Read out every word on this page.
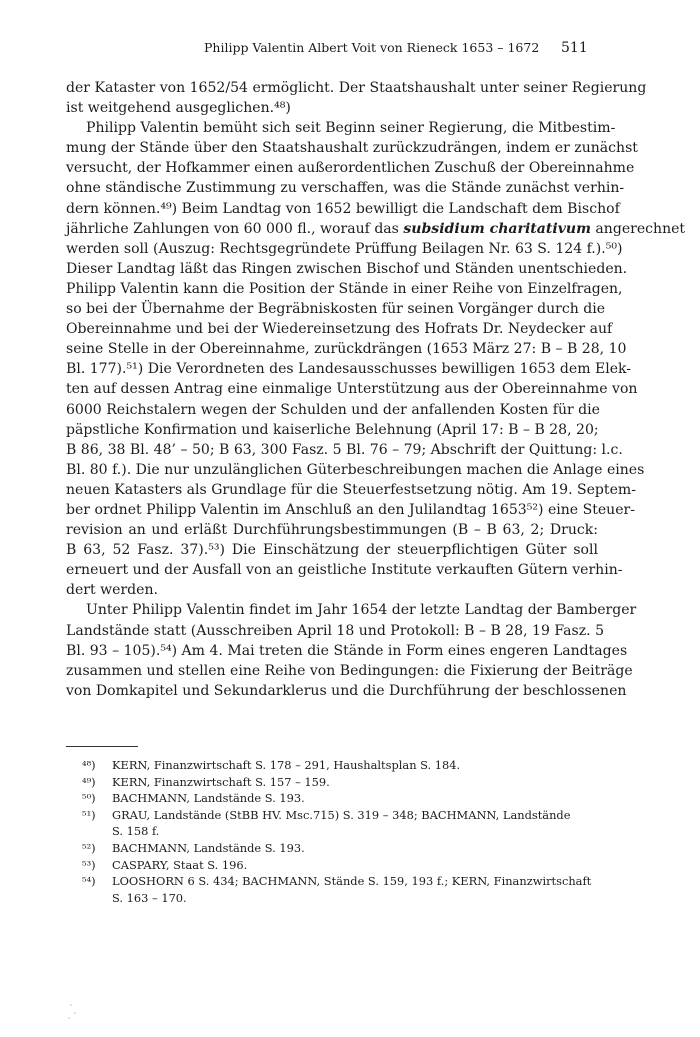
Philipp Valentin Albert Voit von Rieneck 1653 – 1672 511
der Kataster von 1652/54 ermöglicht. Der Staatshaushalt unter seiner Regierung
ist weitgehend ausgeglichen.⁴⁸)
Philipp Valentin bemüht sich seit Beginn seiner Regierung, die Mitbestim-
mung der Stände über den Staatshaushalt zurückzudrängen, indem er zunächst
versucht, der Hofkammer einen außerordentlichen Zuschuß der Obereinnahme
ohne ständische Zustimmung zu verschaffen, was die Stände zunächst verhin-
dern können.⁴⁹) Beim Landtag von 1652 bewilligt die Landschaft dem Bischof
jährliche Zahlungen von 60 000 fl., worauf das subsidium charitativum angerechnet
werden soll (Auszug: Rechtsgegründete Prüffung Beilagen Nr. 63 S. 124 f.).⁵⁰)
Dieser Landtag läßt das Ringen zwischen Bischof und Ständen unentschieden.
Philipp Valentin kann die Position der Stände in einer Reihe von Einzelfragen,
so bei der Übernahme der Begräbniskosten für seinen Vorgänger durch die
Obereinnahme und bei der Wiedereinsetzung des Hofrats Dr. Neydecker auf
seine Stelle in der Obereinnahme, zurückdrängen (1653 März 27: B – B 28, 10
Bl. 177).⁵¹) Die Verordneten des Landesausschusses bewilligen 1653 dem Elek-
ten auf dessen Antrag eine einmalige Unterstützung aus der Obereinnahme von
6000 Reichstalern wegen der Schulden und der anfallenden Kosten für die
päpstliche Konfirmation und kaiserliche Belehnung (April 17: B – B 28, 20;
B 86, 38 Bl. 48’ – 50; B 63, 300 Fasz. 5 Bl. 76 – 79; Abschrift der Quittung: l.c.
Bl. 80 f.). Die nur unzulänglichen Güterbeschreibungen machen die Anlage eines
neuen Katasters als Grundlage für die Steuerfestsetzung nötig. Am 19. Septem-
ber ordnet Philipp Valentin im Anschluß an den Julilandtag 1653⁵²) eine Steuer-
revision an und erläßt Durchführungsbestimmungen (B – B 63, 2; Druck:
B 63, 52 Fasz. 37).⁵³) Die Einschätzung der steuerpflichtigen Güter soll
erneuert und der Ausfall von an geistliche Institute verkauften Gütern verhin-
dert werden.
Unter Philipp Valentin findet im Jahr 1654 der letzte Landtag der Bamberger
Landstände statt (Ausschreiben April 18 und Protokoll: B – B 28, 19 Fasz. 5
Bl. 93 – 105).⁵⁴) Am 4. Mai treten die Stände in Form eines engeren Landtages
zusammen und stellen eine Reihe von Bedingungen: die Fixierung der Beiträge
von Domkapitel und Sekundarklerus und die Durchführung der beschlossenen
⁴⁸) KERN, Finanzwirtschaft S. 178 – 291, Haushaltsplan S. 184.
⁴⁹) KERN, Finanzwirtschaft S. 157 – 159.
⁵⁰) BACHMANN, Landstände S. 193.
⁵¹) GRAU, Landstände (StBB HV. Msc.715) S. 319 – 348; BACHMANN, Landstände
S. 158 f.
⁵²) BACHMANN, Landstände S. 193.
⁵³) CASPARY, Staat S. 196.
⁵⁴) LOOSHORN 6 S. 434; BACHMANN, Stände S. 159, 193 f.; KERN, Finanzwirtschaft
S. 163 – 170.
